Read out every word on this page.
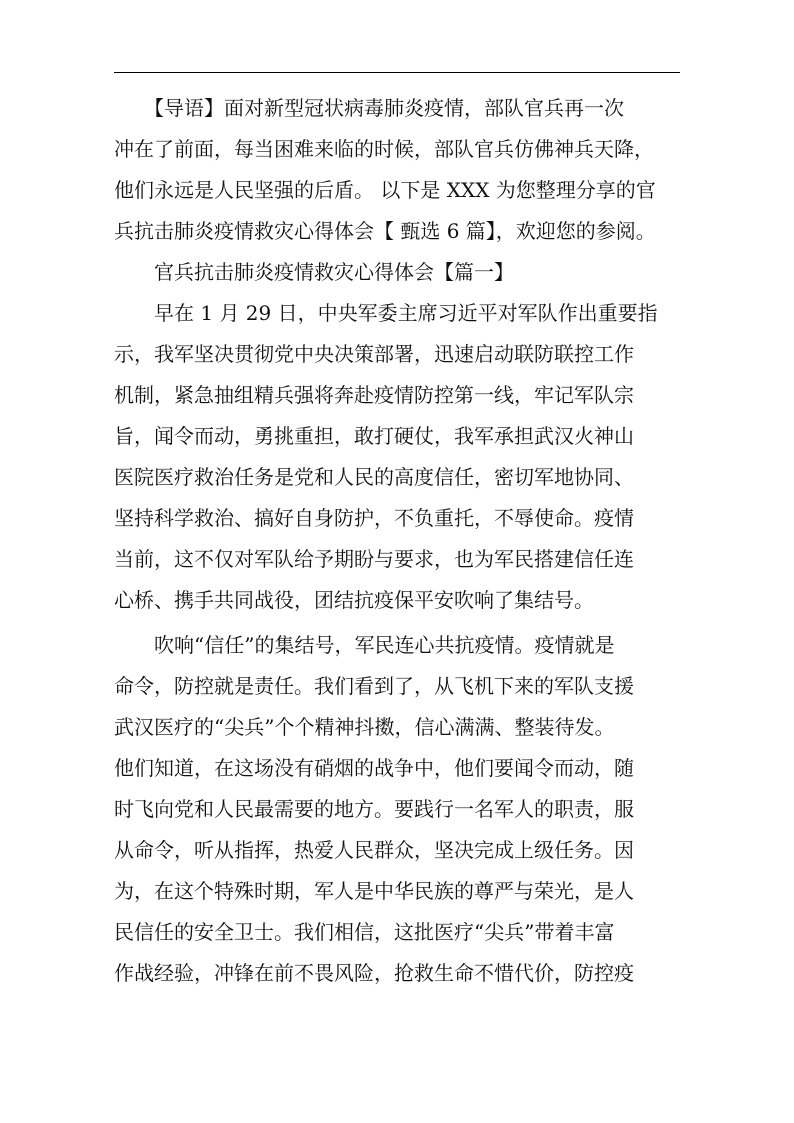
　　【导语】面对新型冠状病毒肺炎疫情，部队官兵再一次
冲在了前面，每当困难来临的时候，部队官兵仿佛神兵天降，
他们永远是人民坚强的后盾。 以下是 XXX 为您整理分享的官
兵抗击肺炎疫情救灾心得体会【 甄选 6 篇】，欢迎您的参阅。
　　官兵抗击肺炎疫情救灾心得体会【篇一】
　　早在 1 月 29 日，中央军委主席习近平对军队作出重要指
示，我军坚决贯彻党中央决策部署，迅速启动联防联控工作
机制，紧急抽组精兵强将奔赴疫情防控第一线，牢记军队宗
旨，闻令而动，勇挑重担，敢打硬仗，我军承担武汉火神山
医院医疗救治任务是党和人民的高度信任，密切军地协同、
坚持科学救治、搞好自身防护，不负重托，不辱使命。疫情
当前，这不仅对军队给予期盼与要求，也为军民搭建信任连
心桥、携手共同战役，团结抗疫保平安吹响了集结号。
　　吹响“信任”的集结号，军民连心共抗疫情。疫情就是
命令，防控就是责任。我们看到了，从飞机下来的军队支援
武汉医疗的“尖兵”个个精神抖擞，信心满满、整装待发。
他们知道，在这场没有硝烟的战争中，他们要闻令而动，随
时飞向党和人民最需要的地方。要践行一名军人的职责，服
从命令，听从指挥，热爱人民群众，坚决完成上级任务。因
为，在这个特殊时期，军人是中华民族的尊严与荣光，是人
民信任的安全卫士。我们相信，这批医疗“尖兵”带着丰富
作战经验，冲锋在前不畏风险，抢救生命不惜代价，防控疫
